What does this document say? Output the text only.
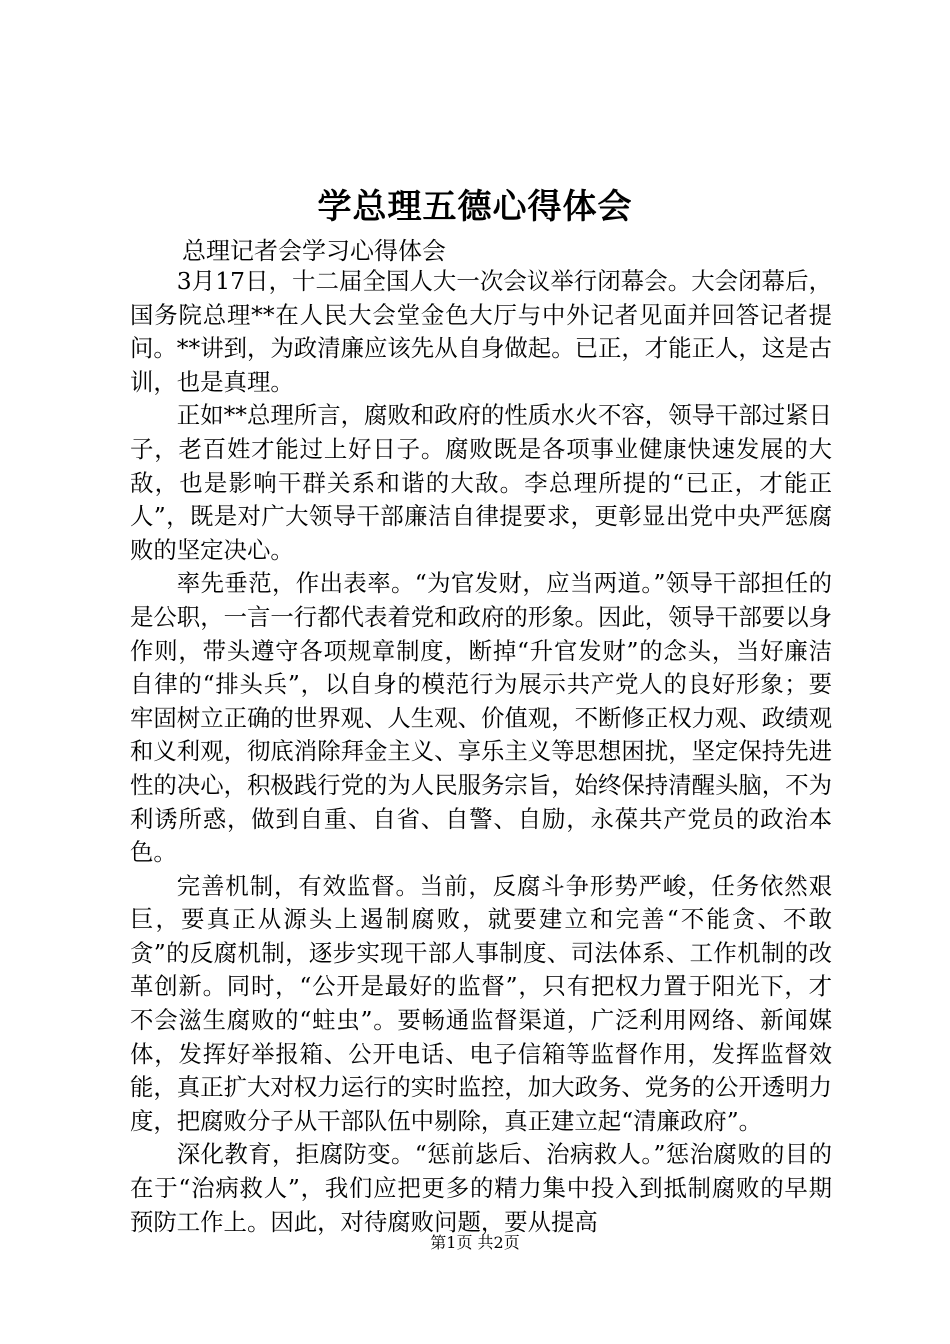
学总理五德心得体会
总理记者会学习心得体会

3月17日，十二届全国人大一次会议举行闭幕会。大会闭幕后，国务院总理**在人民大会堂金色大厅与中外记者见面并回答记者提问。**讲到，为政清廉应该先从自身做起。已正，才能正人，这是古训，也是真理。

正如**总理所言，腐败和政府的性质水火不容，领导干部过紧日子，老百姓才能过上好日子。腐败既是各项事业健康快速发展的大敌，也是影响干群关系和谐的大敌。李总理所提的“已正，才能正人”，既是对广大领导干部廉洁自律提要求，更彰显出党中央严惩腐败的坚定决心。

率先垂范，作出表率。“为官发财，应当两道。”领导干部担任的是公职，一言一行都代表着党和政府的形象。因此，领导干部要以身作则，带头遵守各项规章制度，断掉“升官发财”的念头，当好廉洁自律的“排头兵”，以自身的模范行为展示共产党人的良好形象；要牢固树立正确的世界观、人生观、价值观，不断修正权力观、政绩观和义利观，彻底消除拜金主义、享乐主义等思想困扰，坚定保持先进性的决心，积极践行党的为人民服务宗旨，始终保持清醒头脑，不为利诱所惑，做到自重、自省、自警、自励，永葆共产党员的政治本色。

完善机制，有效监督。当前，反腐斗争形势严峻，任务依然艰巨，要真正从源头上遏制腐败，就要建立和完善“不能贪、不敢贪”的反腐机制，逐步实现干部人事制度、司法体系、工作机制的改革创新。同时，“公开是最好的监督”，只有把权力置于阳光下，才不会滋生腐败的“蛀虫”。要畅通监督渠道，广泛利用网络、新闻媒体，发挥好举报箱、公开电话、电子信箱等监督作用，发挥监督效能，真正扩大对权力运行的实时监控，加大政务、党务的公开透明力度，把腐败分子从干部队伍中剔除，真正建立起“清廉政府”。

深化教育，拒腐防变。“惩前毖后、治病救人。”惩治腐败的目的在于“治病救人”，我们应把更多的精力集中投入到抵制腐败的早期预防工作上。因此，对待腐败问题，要从提高

第1页 共2页
